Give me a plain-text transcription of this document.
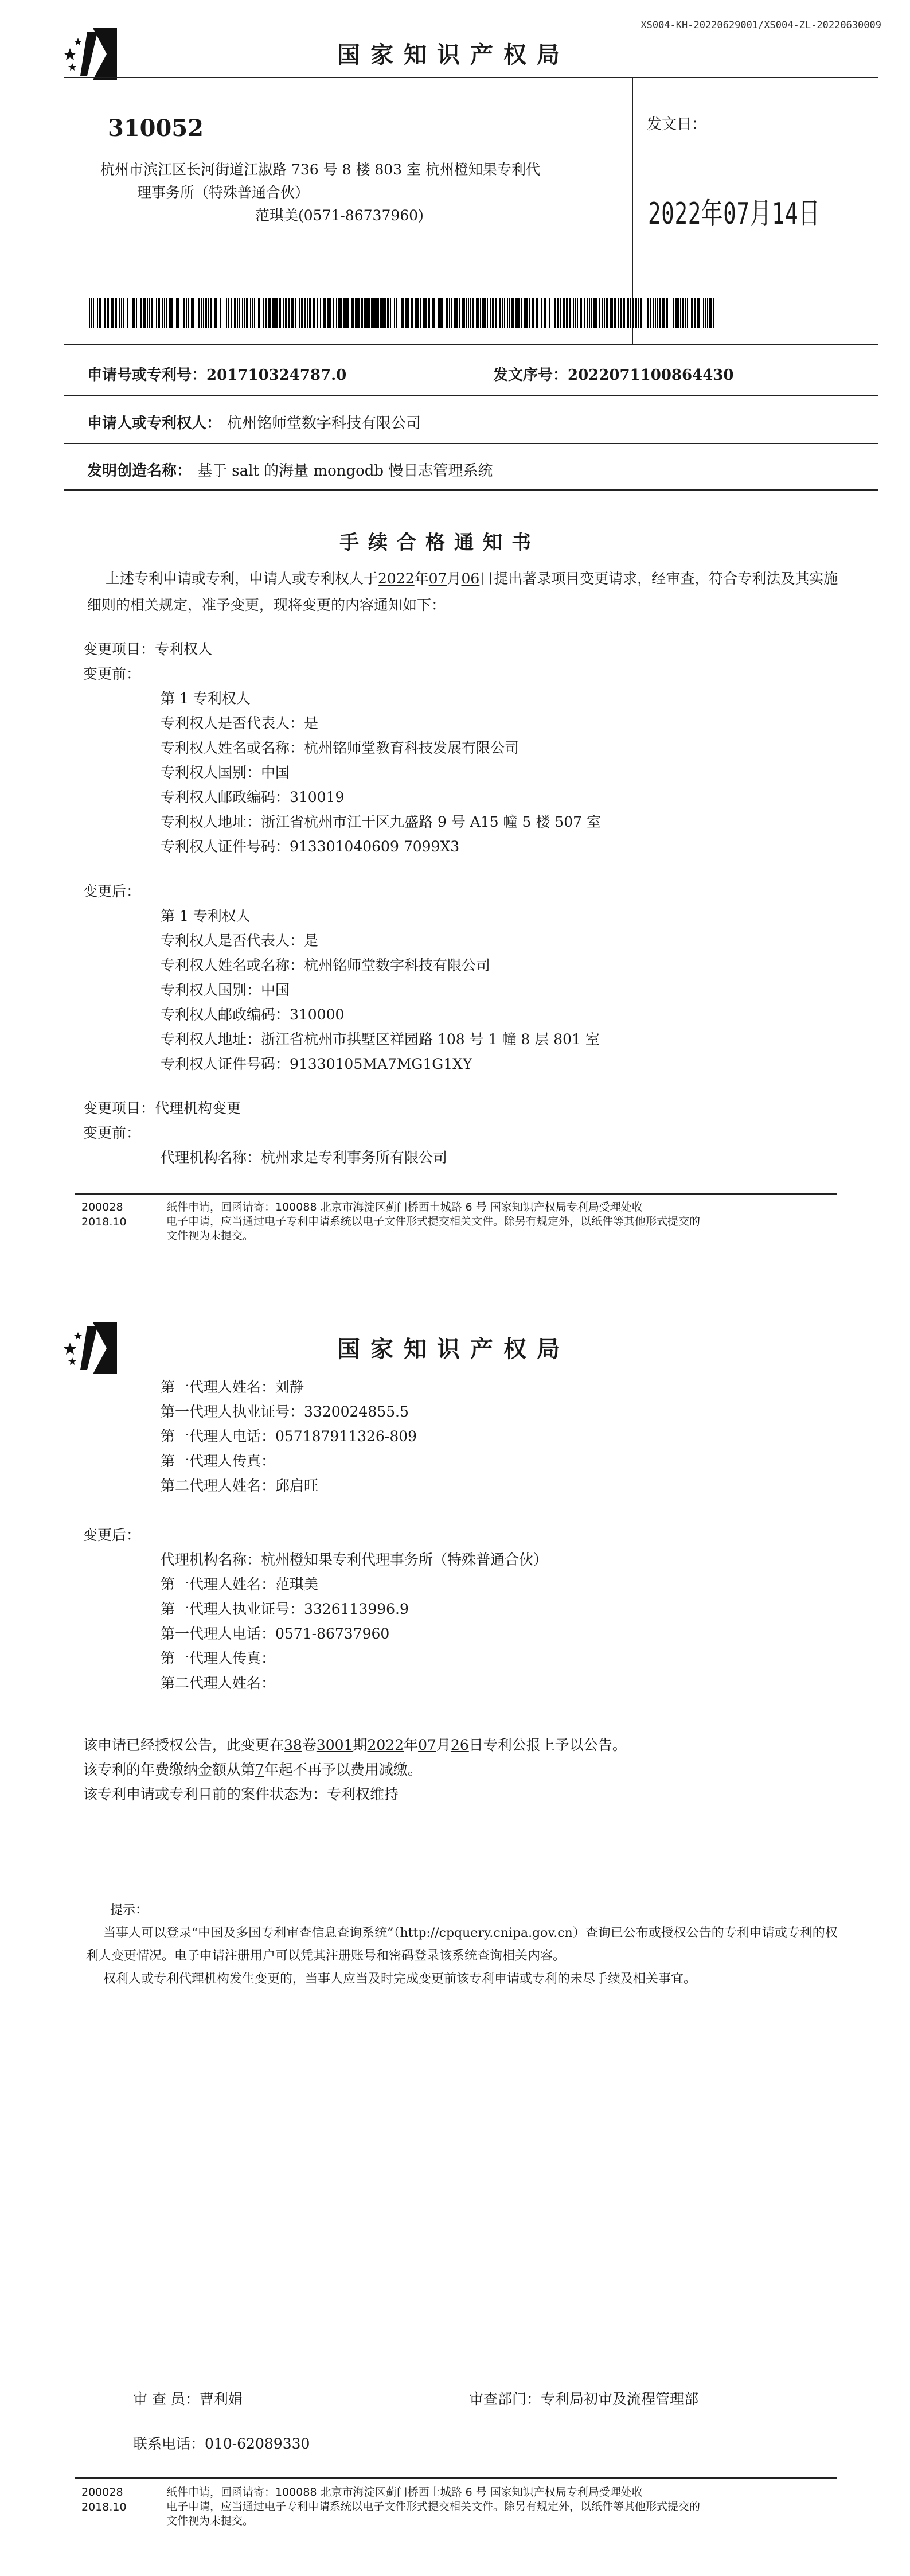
XS004-KH-20220629001/XS004-ZL-20220630009
国家知识产权局
310052
杭州市滨江区长河街道江淑路 736 号 8 楼 803 室 杭州橙知果专利代
理事务所（特殊普通合伙）
范琪美(0571-86737960)
发文日：
2022年07月14日
申请号或专利号：201710324787.0	发文序号：2022071100864430
申请人或专利权人： 杭州铭师堂数字科技有限公司
发明创造名称： 基于 salt 的海量 mongodb 慢日志管理系统
手续合格通知书
上述专利申请或专利，申请人或专利权人于2022年07月06日提出著录项目变更请求，经审查，符合专利法及其实施细则的相关规定，准予变更，现将变更的内容通知如下：
变更项目：专利权人
变更前：
第 1 专利权人
专利权人是否代表人：是
专利权人姓名或名称：杭州铭师堂教育科技发展有限公司
专利权人国别：中国
专利权人邮政编码：310019
专利权人地址：浙江省杭州市江干区九盛路 9 号 A15 幢 5 楼 507 室
专利权人证件号码：913301040609 7099X3
变更后：
第 1 专利权人
专利权人是否代表人：是
专利权人姓名或名称：杭州铭师堂数字科技有限公司
专利权人国别：中国
专利权人邮政编码：310000
专利权人地址：浙江省杭州市拱墅区祥园路 108 号 1 幢 8 层 801 室
专利权人证件号码：91330105MA7MG1G1XY
变更项目：代理机构变更
变更前：
代理机构名称：杭州求是专利事务所有限公司
200028
2018.10
纸件申请，回函请寄：100088 北京市海淀区蓟门桥西土城路 6 号 国家知识产权局专利局受理处收
电子申请，应当通过电子专利申请系统以电子文件形式提交相关文件。除另有规定外，以纸件等其他形式提交的
文件视为未提交。
国家知识产权局
第一代理人姓名：刘静
第一代理人执业证号：3320024855.5
第一代理人电话：057187911326-809
第一代理人传真：
第二代理人姓名：邱启旺
变更后：
代理机构名称：杭州橙知果专利代理事务所（特殊普通合伙）
第一代理人姓名：范琪美
第一代理人执业证号：3326113996.9
第一代理人电话：0571-86737960
第一代理人传真：
第二代理人姓名：
该申请已经授权公告，此变更在38卷3001期2022年07月26日专利公报上予以公告。
该专利的年费缴纳金额从第7年起不再予以费用减缴。
该专利申请或专利目前的案件状态为：专利权维持
提示：
当事人可以登录“中国及多国专利审查信息查询系统”（http://cpquery.cnipa.gov.cn）查询已公布或授权公告的专利申请或专利的权利人变更情况。电子申请注册用户可以凭其注册账号和密码登录该系统查询相关内容。
权利人或专利代理机构发生变更的，当事人应当及时完成变更前该专利申请或专利的未尽手续及相关事宜。
审 查 员：曹利娟	审查部门：专利局初审及流程管理部
联系电话：010-62089330
200028
2018.10
纸件申请，回函请寄：100088 北京市海淀区蓟门桥西土城路 6 号 国家知识产权局专利局受理处收
电子申请，应当通过电子专利申请系统以电子文件形式提交相关文件。除另有规定外，以纸件等其他形式提交的
文件视为未提交。
